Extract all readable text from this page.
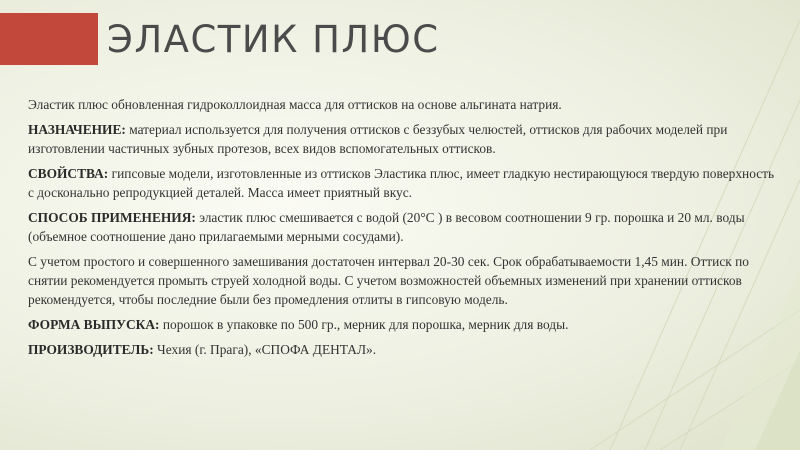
ЭЛАСТИК ПЛЮС

Эластик плюс обновленная гидроколлоидная масса для оттисков на основе альгината натрия.

НАЗНАЧЕНИЕ: материал используется для получения оттисков с беззубых челюстей, оттисков для рабочих моделей при изготовлении частичных зубных протезов, всех видов вспомогательных оттисков.

СВОЙСТВА: гипсовые модели, изготовленные из оттисков Эластика плюс, имеет гладкую нестирающуюся твердую поверхность с досконально репродукцией деталей. Масса имеет приятный вкус.

СПОСОБ ПРИМЕНЕНИЯ: эластик плюс смешивается с водой (20°C ) в весовом соотношении 9 гр. порошка и 20 мл. воды (объемное соотношение дано прилагаемыми мерными сосудами).

С учетом простого и совершенного замешивания достаточен интервал 20-30 сек. Срок обрабатываемости 1,45 мин. Оттиск по снятии рекомендуется промыть струей холодной воды. С учетом возможностей объемных изменений при хранении оттисков рекомендуется, чтобы последние были без промедления отлиты в гипсовую модель.

ФОРМА ВЫПУСКА: порошок в упаковке по 500 гр., мерник для порошка, мерник для воды.

ПРОИЗВОДИТЕЛЬ: Чехия (г. Прага), «СПОФА ДЕНТАЛ».
